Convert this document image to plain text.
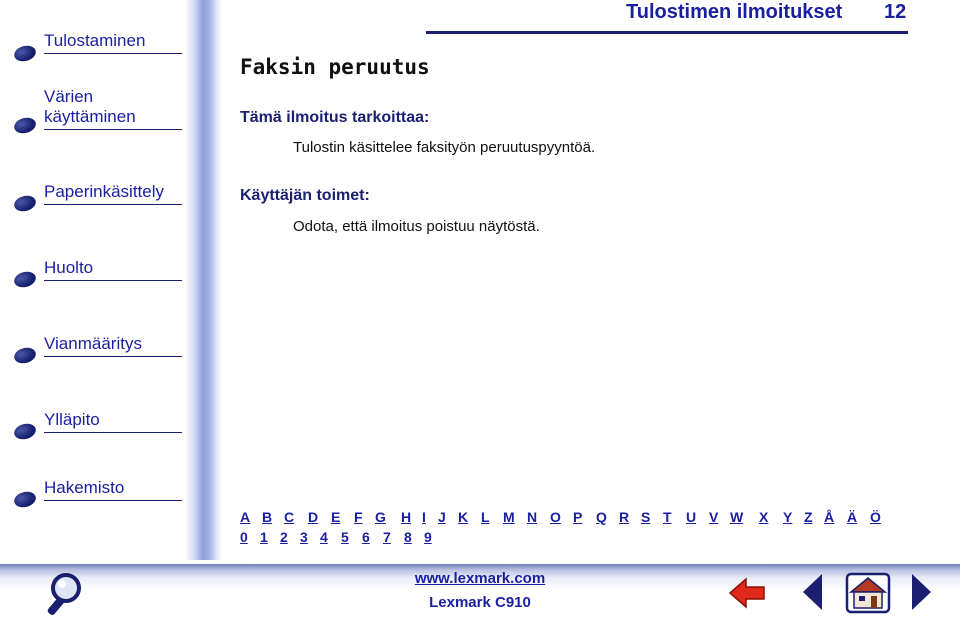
Tulostaminen
Värien
käyttäminen
Paperinkäsittely
Huolto
Vianmääritys
Ylläpito
Hakemisto
Tulostimen ilmoitukset 12
Faksin peruutus
Tämä ilmoitus tarkoittaa:
Tulostin käsittelee faksityön peruutuspyyntöä.
Käyttäjän toimet:
Odota, että ilmoitus poistuu näytöstä.
A B C D E F G H I J K L M N O P Q R S T U V W X Y Z Å Ä Ö
0 1 2 3 4 5 6 7 8 9
www.lexmark.com
Lexmark C910
